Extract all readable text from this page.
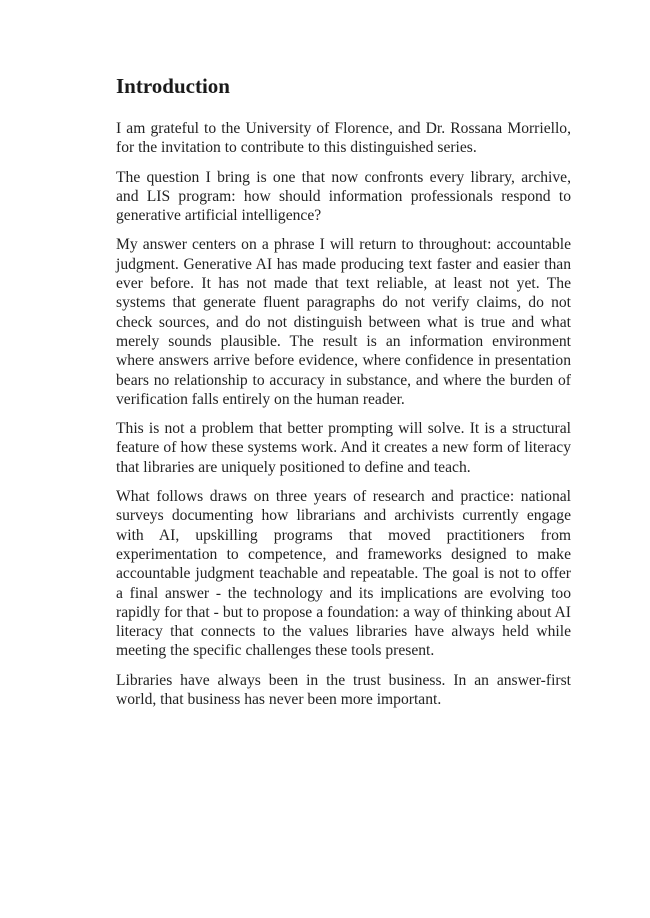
Introduction

I am grateful to the University of Florence, and Dr. Rossana Morriello, for the invitation to contribute to this distinguished series.

The question I bring is one that now confronts every library, archive, and LIS program: how should information professionals respond to generative artificial intelligence?

My answer centers on a phrase I will return to throughout: accountable judgment. Generative AI has made producing text faster and easier than ever before. It has not made that text reliable, at least not yet. The systems that generate fluent paragraphs do not verify claims, do not check sources, and do not distinguish between what is true and what merely sounds plausible. The result is an information environment where answers arrive before evidence, where confidence in presentation bears no relationship to accuracy in substance, and where the burden of verification falls entirely on the human reader.

This is not a problem that better prompting will solve. It is a structural feature of how these systems work. And it creates a new form of literacy that libraries are uniquely positioned to define and teach.

What follows draws on three years of research and practice: national surveys documenting how librarians and archivists currently engage with AI, upskilling programs that moved practitioners from experimentation to competence, and frameworks designed to make accountable judgment teachable and repeatable. The goal is not to offer a final answer - the technology and its implications are evolving too rapidly for that - but to propose a foundation: a way of thinking about AI literacy that connects to the values libraries have always held while meeting the specific challenges these tools present.

Libraries have always been in the trust business. In an answer-first world, that business has never been more important.
